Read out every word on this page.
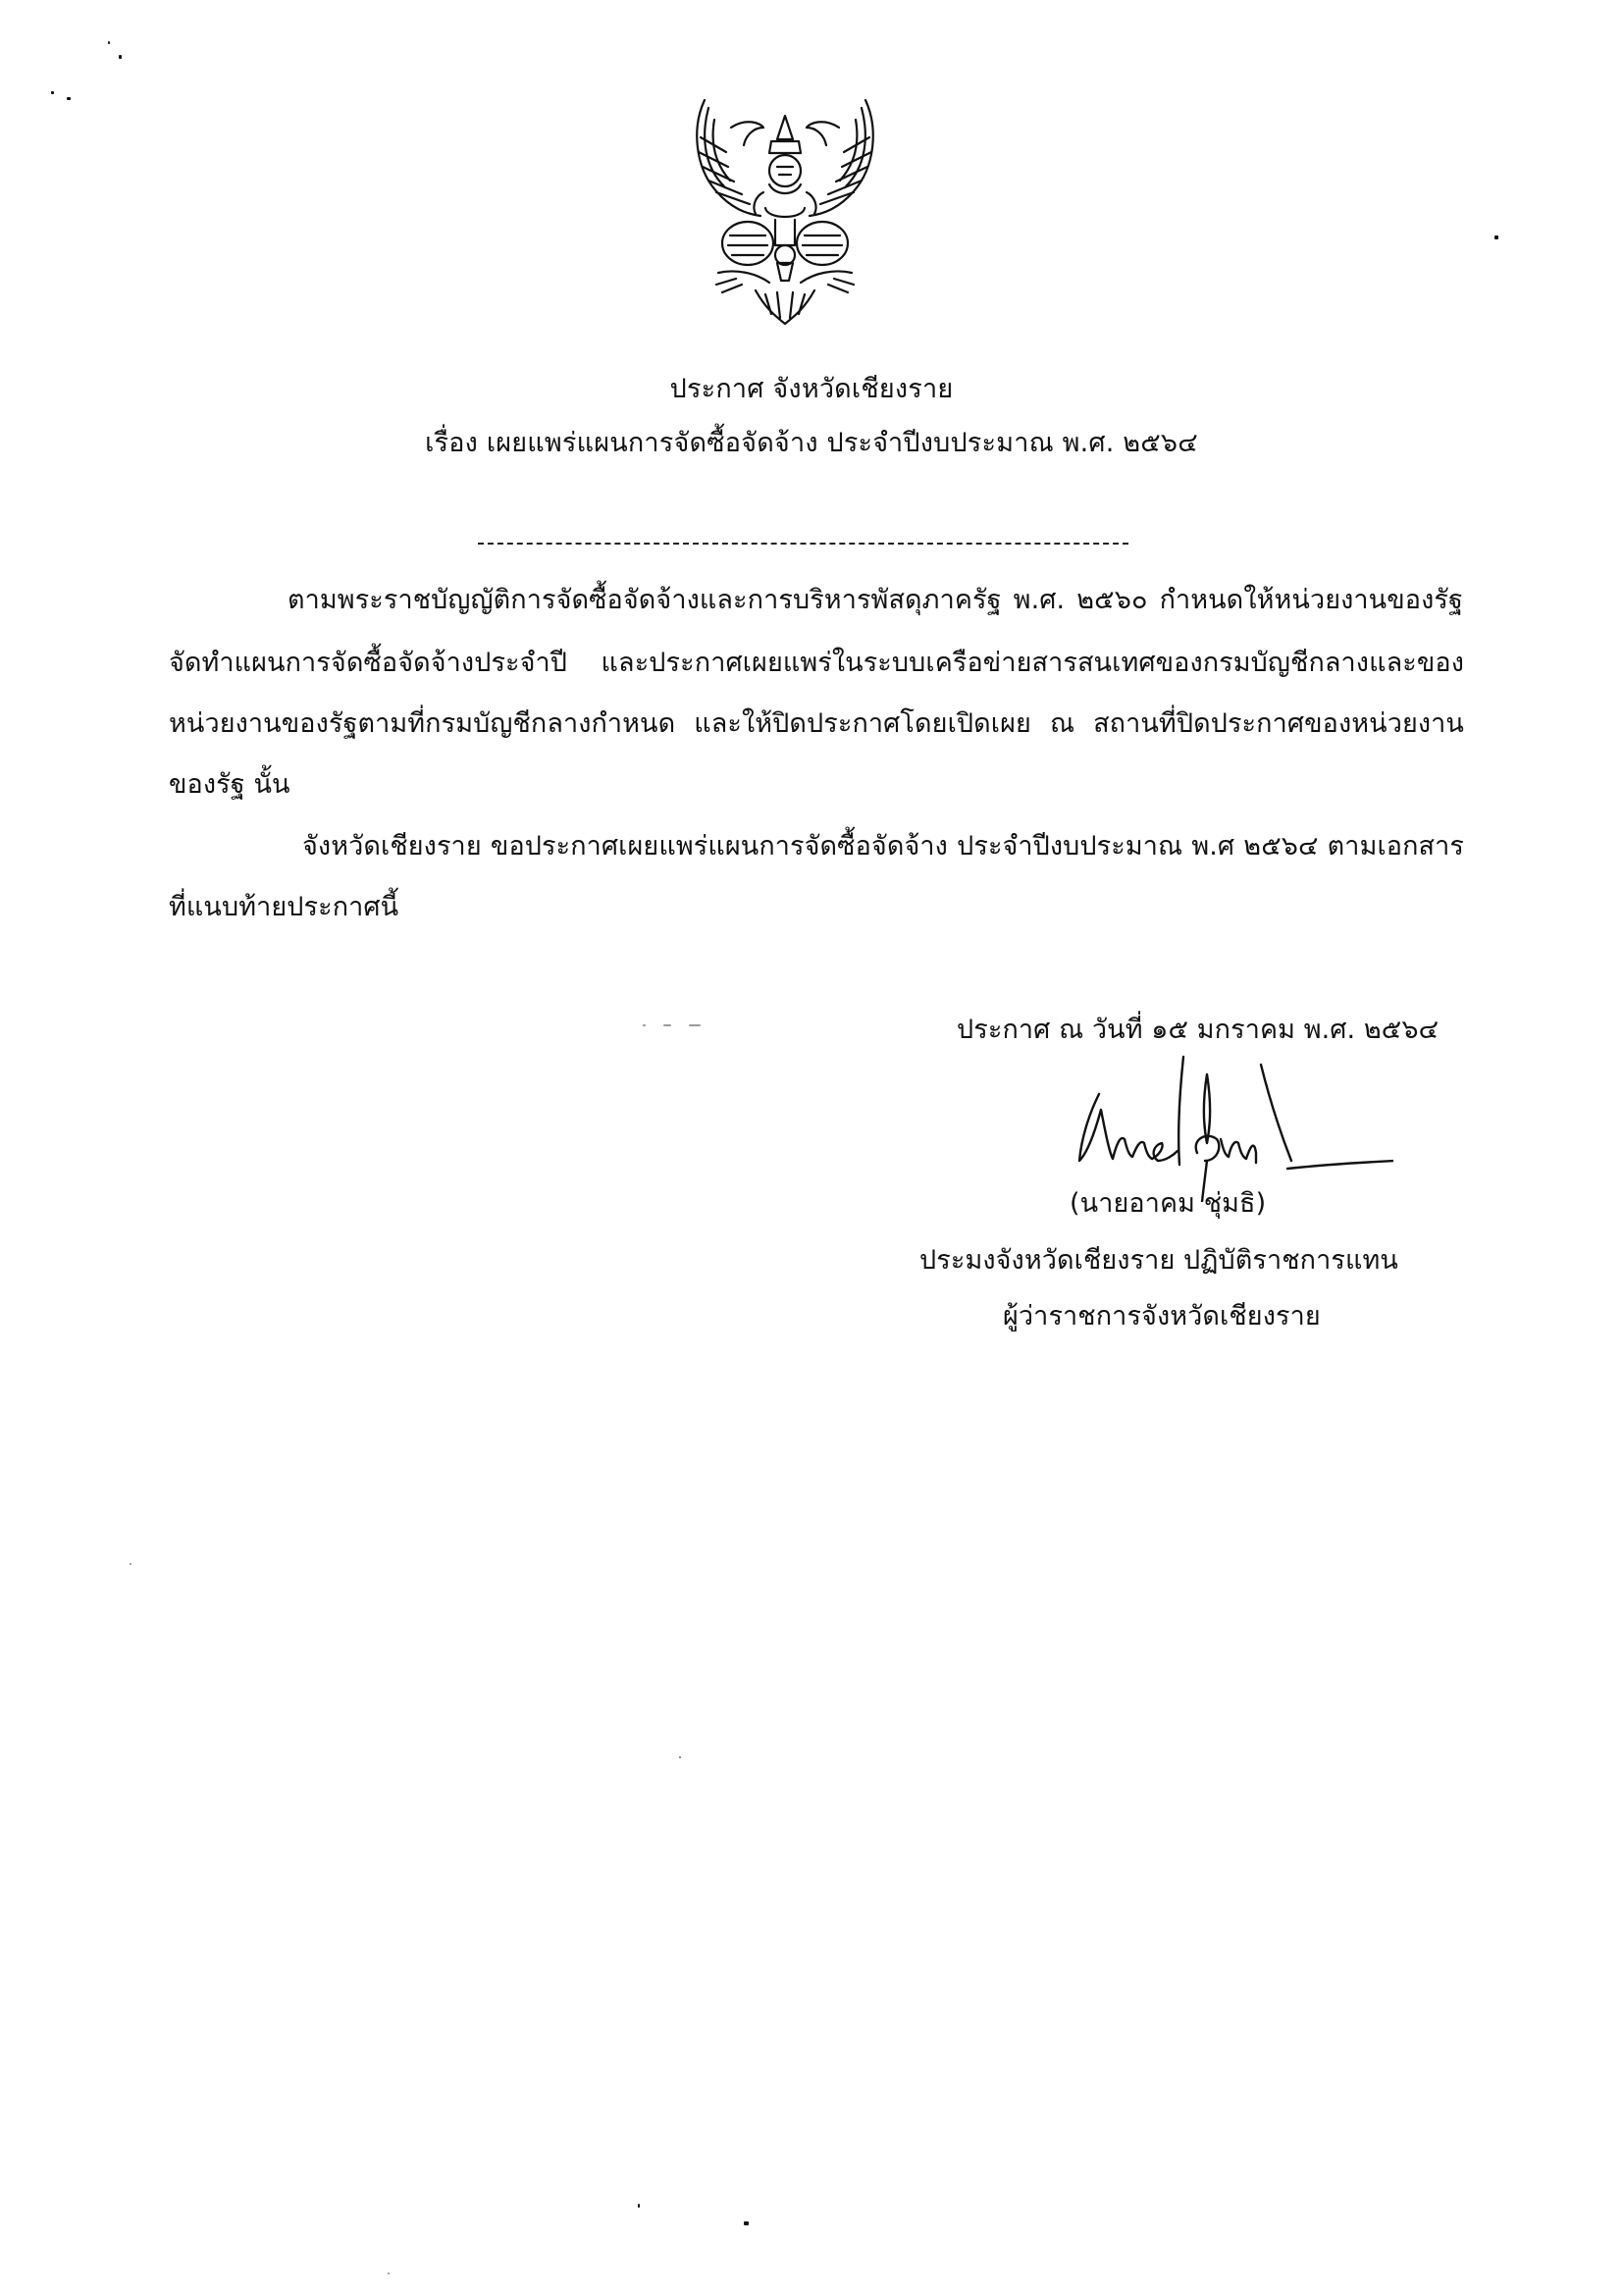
ประกาศ จังหวัดเชียงราย
เรื่อง เผยแพร่แผนการจัดซื้อจัดจ้าง ประจำปีงบประมาณ พ.ศ. ๒๕๖๔
ตามพระราชบัญญัติการจัดซื้อจัดจ้างและการบริหารพัสดุภาครัฐ พ.ศ. ๒๕๖๐ กำหนดให้หน่วยงานของรัฐ
จัดทำแผนการจัดซื้อจัดจ้างประจำปี และประกาศเผยแพร่ในระบบเครือข่ายสารสนเทศของกรมบัญชีกลางและของ
หน่วยงานของรัฐตามที่กรมบัญชีกลางกำหนด และให้ปิดประกาศโดยเปิดเผย ณ สถานที่ปิดประกาศของหน่วยงาน
ของรัฐ นั้น
จังหวัดเชียงราย ขอประกาศเผยแพร่แผนการจัดซื้อจัดจ้าง ประจำปีงบประมาณ พ.ศ ๒๕๖๔ ตามเอกสาร
ที่แนบท้ายประกาศนี้
ประกาศ ณ วันที่ ๑๕ มกราคม พ.ศ. ๒๕๖๔
(นายอาคม ชุ่มธิ)
ประมงจังหวัดเชียงราย ปฏิบัติราชการแทน
ผู้ว่าราชการจังหวัดเชียงราย
